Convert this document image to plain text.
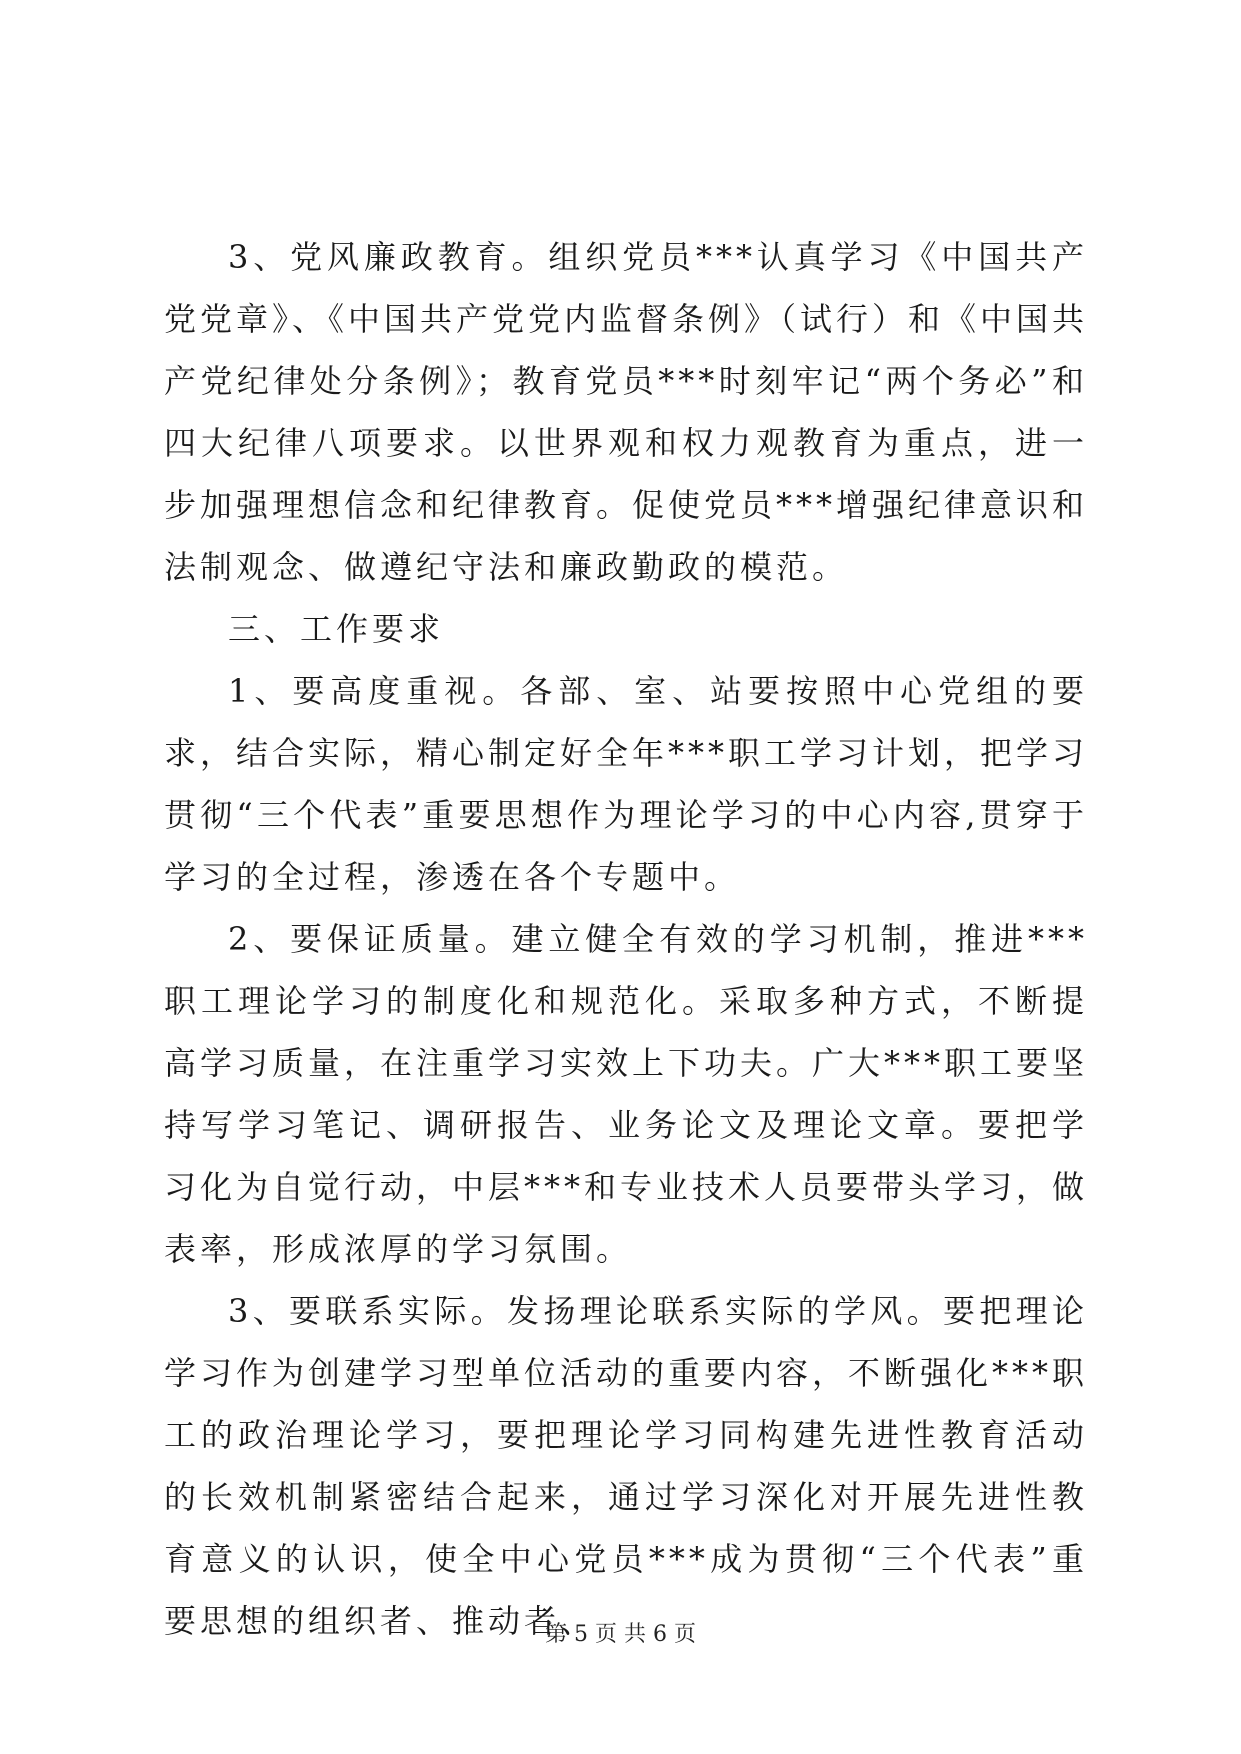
3、党风廉政教育。组织党员***认真学习《中国共产党党章》、《中国共产党党内监督条例》（试行）和《中国共产党纪律处分条例》；教育党员***时刻牢记“两个务必”和四大纪律八项要求。以世界观和权力观教育为重点，进一步加强理想信念和纪律教育。促使党员***增强纪律意识和法制观念、做遵纪守法和廉政勤政的模范。

三、工作要求

1、要高度重视。各部、室、站要按照中心党组的要求，结合实际，精心制定好全年***职工学习计划，把学习贯彻“三个代表”重要思想作为理论学习的中心内容,贯穿于学习的全过程，渗透在各个专题中。

2、要保证质量。建立健全有效的学习机制，推进***职工理论学习的制度化和规范化。采取多种方式，不断提高学习质量，在注重学习实效上下功夫。广大***职工要坚持写学习笔记、调研报告、业务论文及理论文章。要把学习化为自觉行动，中层***和专业技术人员要带头学习，做表率，形成浓厚的学习氛围。

3、要联系实际。发扬理论联系实际的学风。要把理论学习作为创建学习型单位活动的重要内容，不断强化***职工的政治理论学习，要把理论学习同构建先进性教育活动的长效机制紧密结合起来，通过学习深化对开展先进性教育意义的认识，使全中心党员***成为贯彻“三个代表”重要思想的组织者、推动者、

第 5 页 共 6 页
